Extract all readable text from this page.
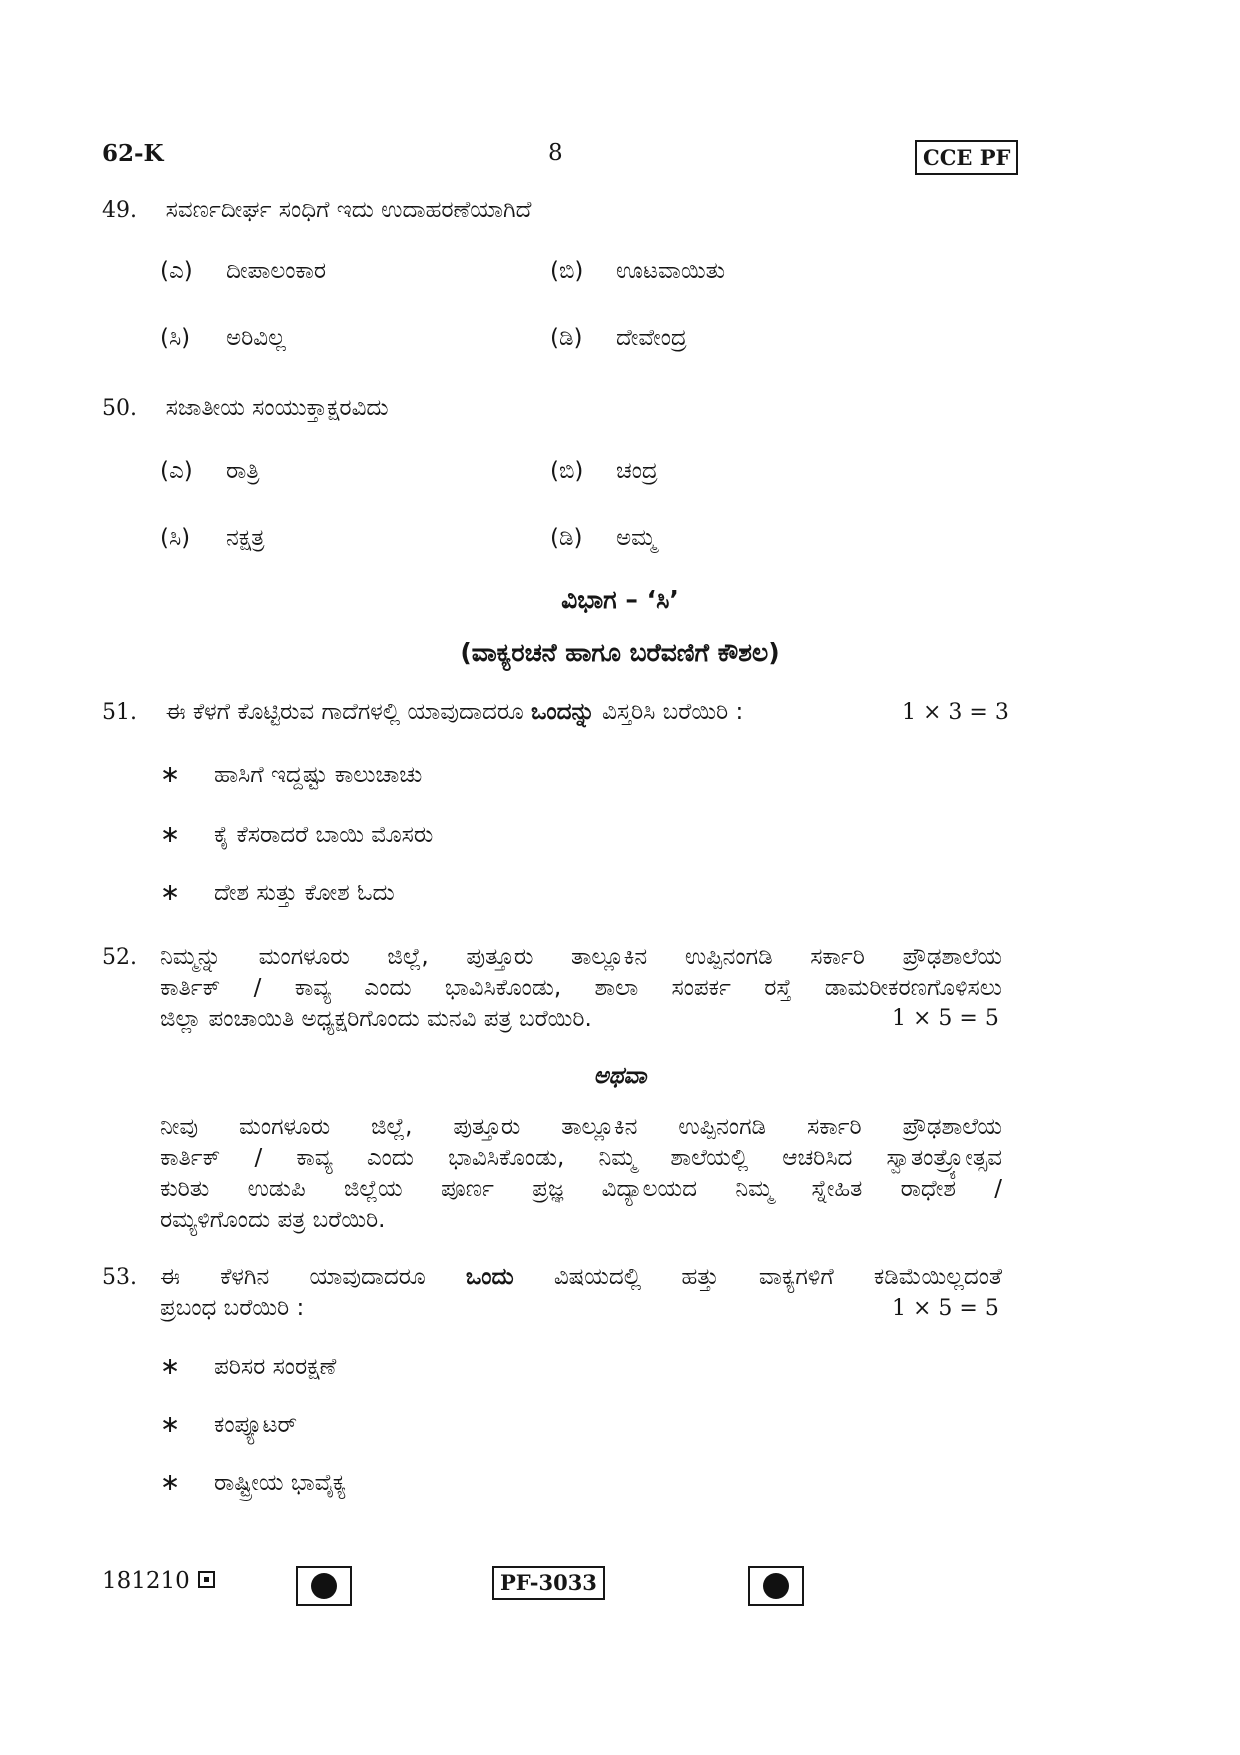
62-K	8	CCE PF
49. ಸವರ್ಣದೀರ್ಘ ಸಂಧಿಗೆ ಇದು ಉದಾಹರಣೆಯಾಗಿದೆ
(ಎ) ದೀಪಾಲಂಕಾರ	(ಬಿ) ಊಟವಾಯಿತು
(ಸಿ) ಅರಿವಿಲ್ಲ	(ಡಿ) ದೇವೇಂದ್ರ
50. ಸಜಾತೀಯ ಸಂಯುಕ್ತಾಕ್ಷರವಿದು
(ಎ) ರಾತ್ರಿ	(ಬಿ) ಚಂದ್ರ
(ಸಿ) ನಕ್ಷತ್ರ	(ಡಿ) ಅಮ್ಮ
ವಿಭಾಗ – ‘ಸಿ’
(ವಾಕ್ಯರಚನೆ ಹಾಗೂ ಬರೆವಣಿಗೆ ಕೌಶಲ)
51. ಈ ಕೆಳಗೆ ಕೊಟ್ಟಿರುವ ಗಾದೆಗಳಲ್ಲಿ ಯಾವುದಾದರೂ ಒಂದನ್ನು ವಿಸ್ತರಿಸಿ ಬರೆಯಿರಿ :	1 × 3 = 3
∗ ಹಾಸಿಗೆ ಇದ್ದಷ್ಟು ಕಾಲುಚಾಚು
∗ ಕೈ ಕೆಸರಾದರೆ ಬಾಯಿ ಮೊಸರು
∗ ದೇಶ ಸುತ್ತು ಕೋಶ ಓದು
52. ನಿಮ್ಮನ್ನು ಮಂಗಳೂರು ಜಿಲ್ಲೆ, ಪುತ್ತೂರು ತಾಲ್ಲೂಕಿನ ಉಪ್ಪಿನಂಗಡಿ ಸರ್ಕಾರಿ ಪ್ರೌಢಶಾಲೆಯ
ಕಾರ್ತಿಕ್ / ಕಾವ್ಯ ಎಂದು ಭಾವಿಸಿಕೊಂಡು, ಶಾಲಾ ಸಂಪರ್ಕ ರಸ್ತೆ ಡಾಮರೀಕರಣಗೊಳಿಸಲು
ಜಿಲ್ಲಾ ಪಂಚಾಯಿತಿ ಅಧ್ಯಕ್ಷರಿಗೊಂದು ಮನವಿ ಪತ್ರ ಬರೆಯಿರಿ.	1 × 5 = 5
ಅಥವಾ
ನೀವು ಮಂಗಳೂರು ಜಿಲ್ಲೆ, ಪುತ್ತೂರು ತಾಲ್ಲೂಕಿನ ಉಪ್ಪಿನಂಗಡಿ ಸರ್ಕಾರಿ ಪ್ರೌಢಶಾಲೆಯ
ಕಾರ್ತಿಕ್ / ಕಾವ್ಯ ಎಂದು ಭಾವಿಸಿಕೊಂಡು, ನಿಮ್ಮ ಶಾಲೆಯಲ್ಲಿ ಆಚರಿಸಿದ ಸ್ವಾತಂತ್ರ್ಯೋತ್ಸವ
ಕುರಿತು ಉಡುಪಿ ಜಿಲ್ಲೆಯ ಪೂರ್ಣ ಪ್ರಜ್ಞ ವಿದ್ಯಾಲಯದ ನಿಮ್ಮ ಸ್ನೇಹಿತ ರಾಧೇಶ /
ರಮ್ಯಳಿಗೊಂದು ಪತ್ರ ಬರೆಯಿರಿ.
53. ಈ ಕೆಳಗಿನ ಯಾವುದಾದರೂ ಒಂದು ವಿಷಯದಲ್ಲಿ ಹತ್ತು ವಾಕ್ಯಗಳಿಗೆ ಕಡಿಮೆಯಿಲ್ಲದಂತೆ
ಪ್ರಬಂಧ ಬರೆಯಿರಿ :	1 × 5 = 5
∗ ಪರಿಸರ ಸಂರಕ್ಷಣೆ
∗ ಕಂಪ್ಯೂಟರ್
∗ ರಾಷ್ಟ್ರೀಯ ಭಾವೈಕ್ಯ
181210	PF-3033
